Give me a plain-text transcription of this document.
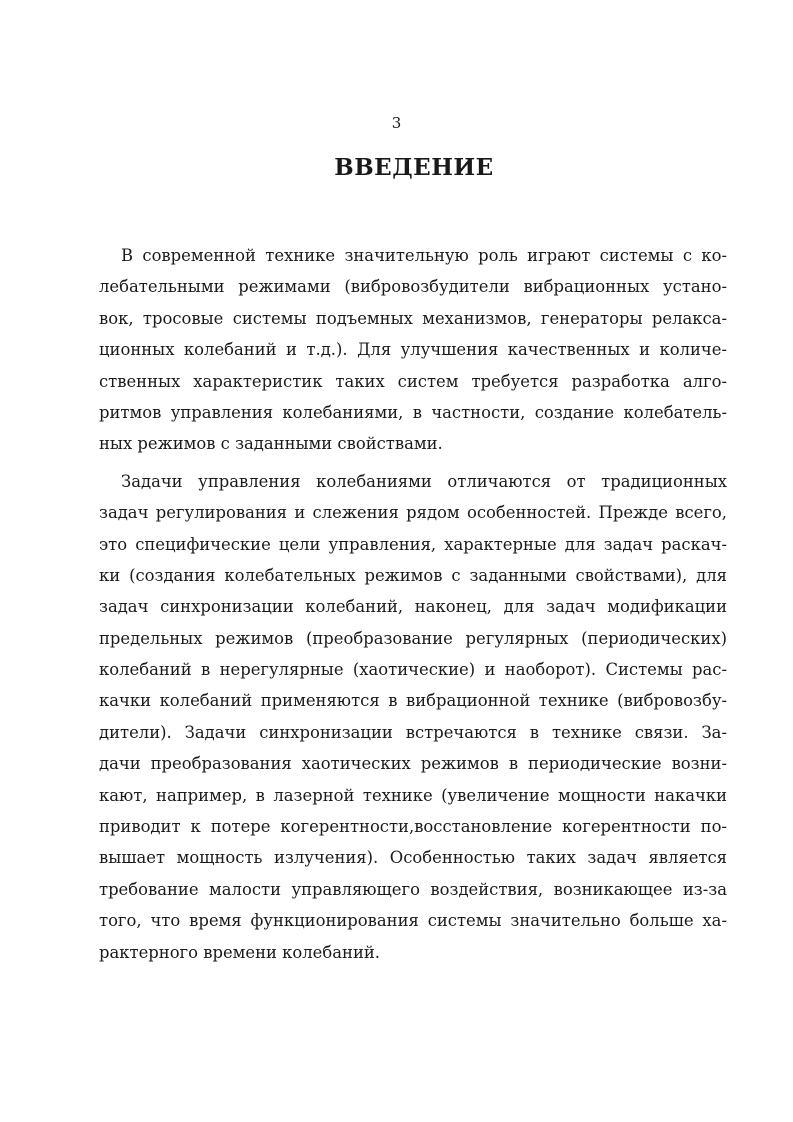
3
ВВЕДЕНИЕ
В современной технике значительную роль играют системы с ко-
лебательными режимами (вибровозбудители вибрационных устано-
вок, тросовые системы подъемных механизмов, генераторы релакса-
ционных колебаний и т.д.). Для улучшения качественных и количе-
ственных характеристик таких систем требуется разработка алго-
ритмов управления колебаниями, в частности, создание колебатель-
ных режимов с заданными свойствами.
Задачи управления колебаниями отличаются от традиционных
задач регулирования и слежения рядом особенностей. Прежде всего,
это специфические цели управления, характерные для задач раскач-
ки (создания колебательных режимов с заданными свойствами), для
задач синхронизации колебаний, наконец, для задач модификации
предельных режимов (преобразование регулярных (периодических)
колебаний в нерегулярные (хаотические) и наоборот). Системы рас-
качки колебаний применяются в вибрационной технике (вибровозбу-
дители). Задачи синхронизации встречаются в технике связи. За-
дачи преобразования хаотических режимов в периодические возни-
кают, например, в лазерной технике (увеличение мощности накачки
приводит к потере когерентности,восстановление когерентности по-
вышает мощность излучения). Особенностью таких задач является
требование малости управляющего воздействия, возникающее из-за
того, что время функционирования системы значительно больше ха-
рактерного времени колебаний.
